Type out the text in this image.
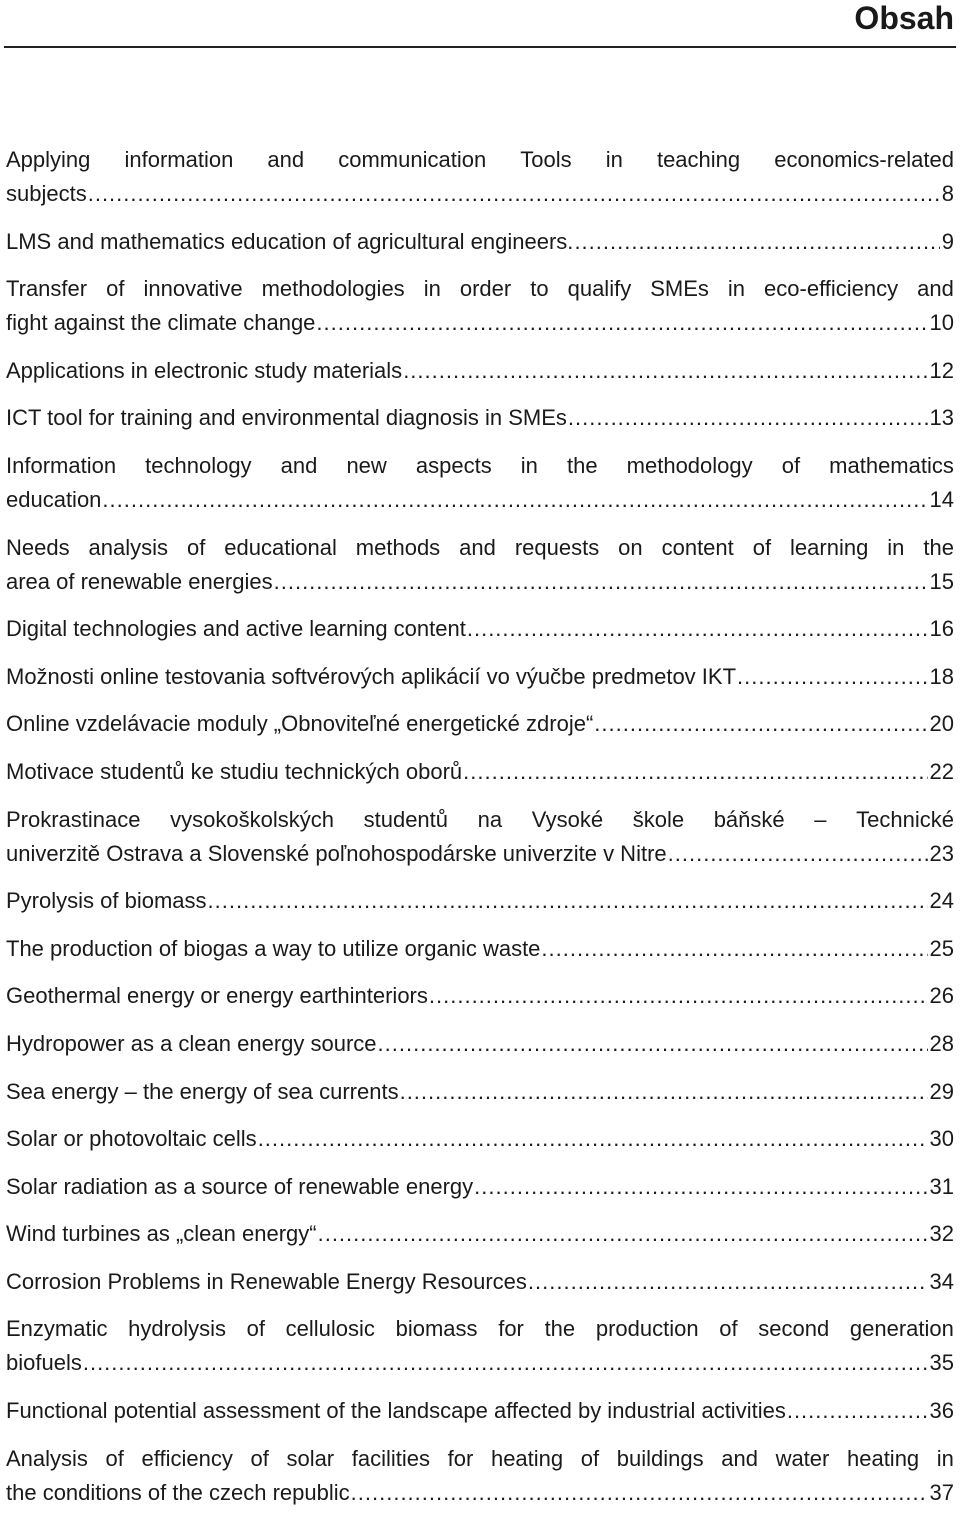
Obsah
Applying information and communication Tools in teaching economics-related
subjects .....	8
LMS and mathematics education of agricultural engineers. .....	9
Transfer of innovative methodologies in order to qualify SMEs in eco-efficiency and
fight against the climate change .....	10
Applications in electronic study materials .....	12
ICT tool for training and environmental diagnosis in SMEs .....	13
Information technology and new aspects in the methodology of mathematics
education .....	14
Needs analysis of educational methods and requests on content of learning in the
area of renewable energies .....	15
Digital technologies and active learning content .....	16
Možnosti online testovania softvérových aplikácií vo výučbe predmetov IKT .....	18
Online vzdelávacie moduly „Obnoviteľné energetické zdroje“ .....	20
Motivace studentů ke studiu technických oborů .....	22
Prokrastinace vysokoškolských studentů na Vysoké škole báňské – Technické
univerzitě Ostrava a Slovenské poľnohospodárske univerzite v Nitre .....	23
Pyrolysis of biomass .....	24
The production of biogas a way to utilize organic waste .....	25
Geothermal energy or energy earthinteriors .....	26
Hydropower as a clean energy source .....	28
Sea energy – the energy of sea currents .....	29
Solar or photovoltaic cells .....	30
Solar radiation as a source of renewable energy .....	31
Wind turbines as „clean energy“ .....	32
Corrosion Problems in Renewable Energy Resources .....	34
Enzymatic hydrolysis of cellulosic biomass for the production of second generation
biofuels .....	35
Functional potential assessment of the landscape affected by industrial activities .....	36
Analysis of efficiency of solar facilities for heating of buildings and water heating in
the conditions of the czech republic .....	37
